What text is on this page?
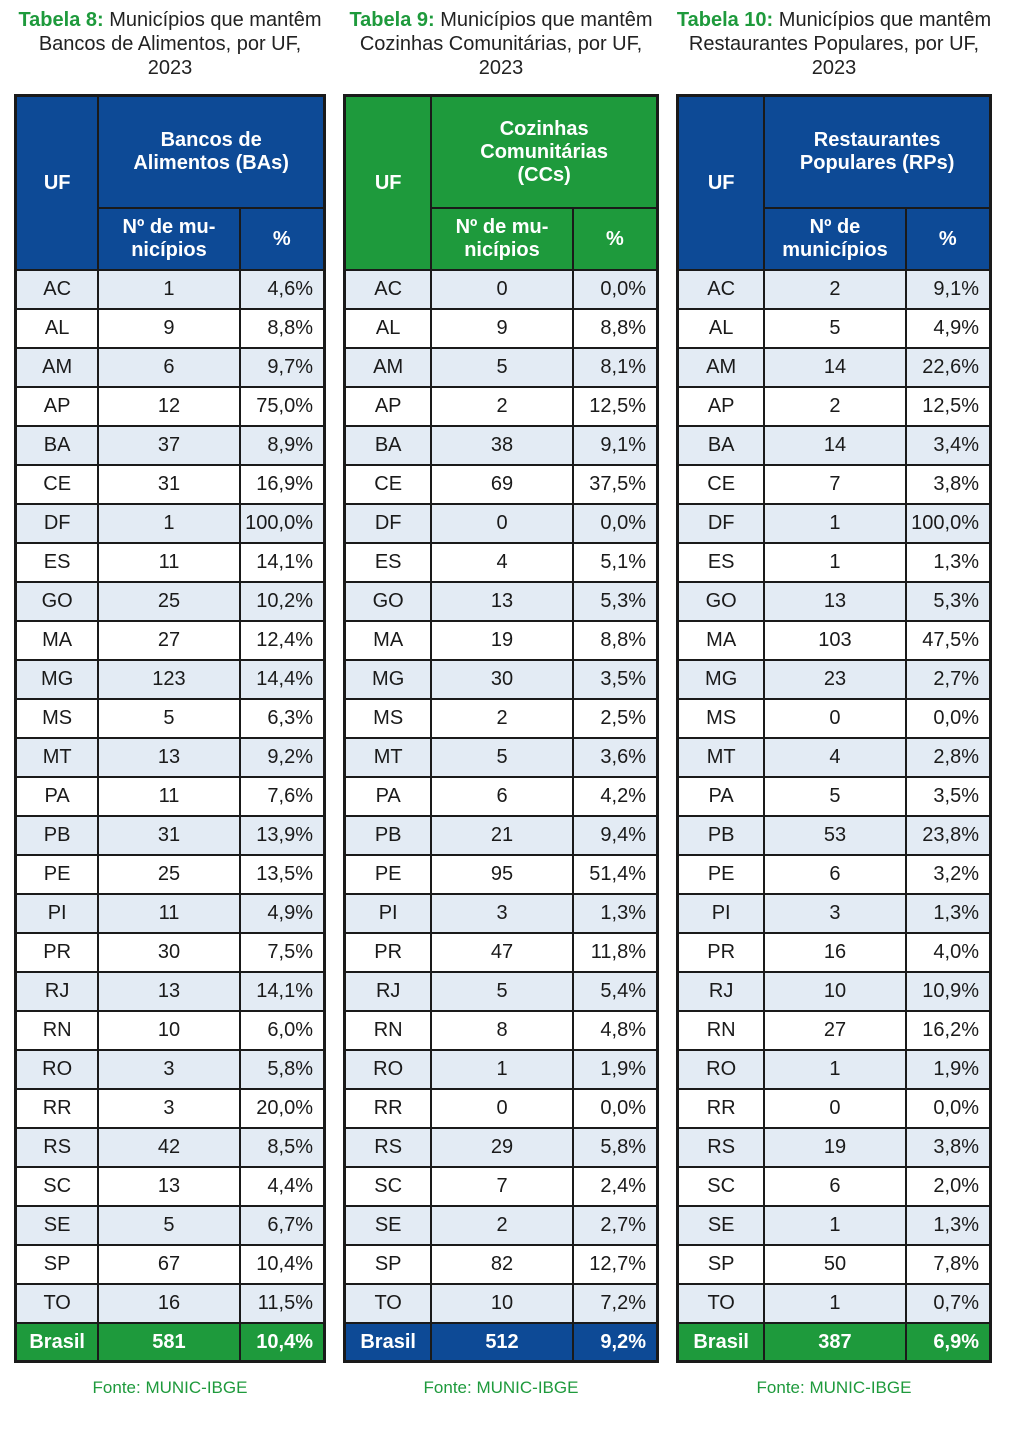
Tabela 8: Municípios que mantêm Bancos de Alimentos, por UF, 2023
UF	Bancos de Alimentos (BAs)	
	Nº de mu-nicípios	%
AC	1	4,6%
AL	9	8,8%
AM	6	9,7%
AP	12	75,0%
BA	37	8,9%
CE	31	16,9%
DF	1	100,0%
ES	11	14,1%
GO	25	10,2%
MA	27	12,4%
MG	123	14,4%
MS	5	6,3%
MT	13	9,2%
PA	11	7,6%
PB	31	13,9%
PE	25	13,5%
PI	11	4,9%
PR	30	7,5%
RJ	13	14,1%
RN	10	6,0%
RO	3	5,8%
RR	3	20,0%
RS	42	8,5%
SC	13	4,4%
SE	5	6,7%
SP	67	10,4%
TO	16	11,5%
Brasil	581	10,4%
Fonte: MUNIC-IBGE
Tabela 9: Municípios que mantêm Cozinhas Comunitárias, por UF, 2023
UF	Cozinhas Comunitárias (CCs)	
	Nº de mu-nicípios	%
AC	0	0,0%
AL	9	8,8%
AM	5	8,1%
AP	2	12,5%
BA	38	9,1%
CE	69	37,5%
DF	0	0,0%
ES	4	5,1%
GO	13	5,3%
MA	19	8,8%
MG	30	3,5%
MS	2	2,5%
MT	5	3,6%
PA	6	4,2%
PB	21	9,4%
PE	95	51,4%
PI	3	1,3%
PR	47	11,8%
RJ	5	5,4%
RN	8	4,8%
RO	1	1,9%
RR	0	0,0%
RS	29	5,8%
SC	7	2,4%
SE	2	2,7%
SP	82	12,7%
TO	10	7,2%
Brasil	512	9,2%
Fonte: MUNIC-IBGE
Tabela 10: Municípios que mantêm Restaurantes Populares, por UF, 2023
UF	Restaurantes Populares (RPs)	
	Nº de municípios	%
AC	2	9,1%
AL	5	4,9%
AM	14	22,6%
AP	2	12,5%
BA	14	3,4%
CE	7	3,8%
DF	1	100,0%
ES	1	1,3%
GO	13	5,3%
MA	103	47,5%
MG	23	2,7%
MS	0	0,0%
MT	4	2,8%
PA	5	3,5%
PB	53	23,8%
PE	6	3,2%
PI	3	1,3%
PR	16	4,0%
RJ	10	10,9%
RN	27	16,2%
RO	1	1,9%
RR	0	0,0%
RS	19	3,8%
SC	6	2,0%
SE	1	1,3%
SP	50	7,8%
TO	1	0,7%
Brasil	387	6,9%
Fonte: MUNIC-IBGE
